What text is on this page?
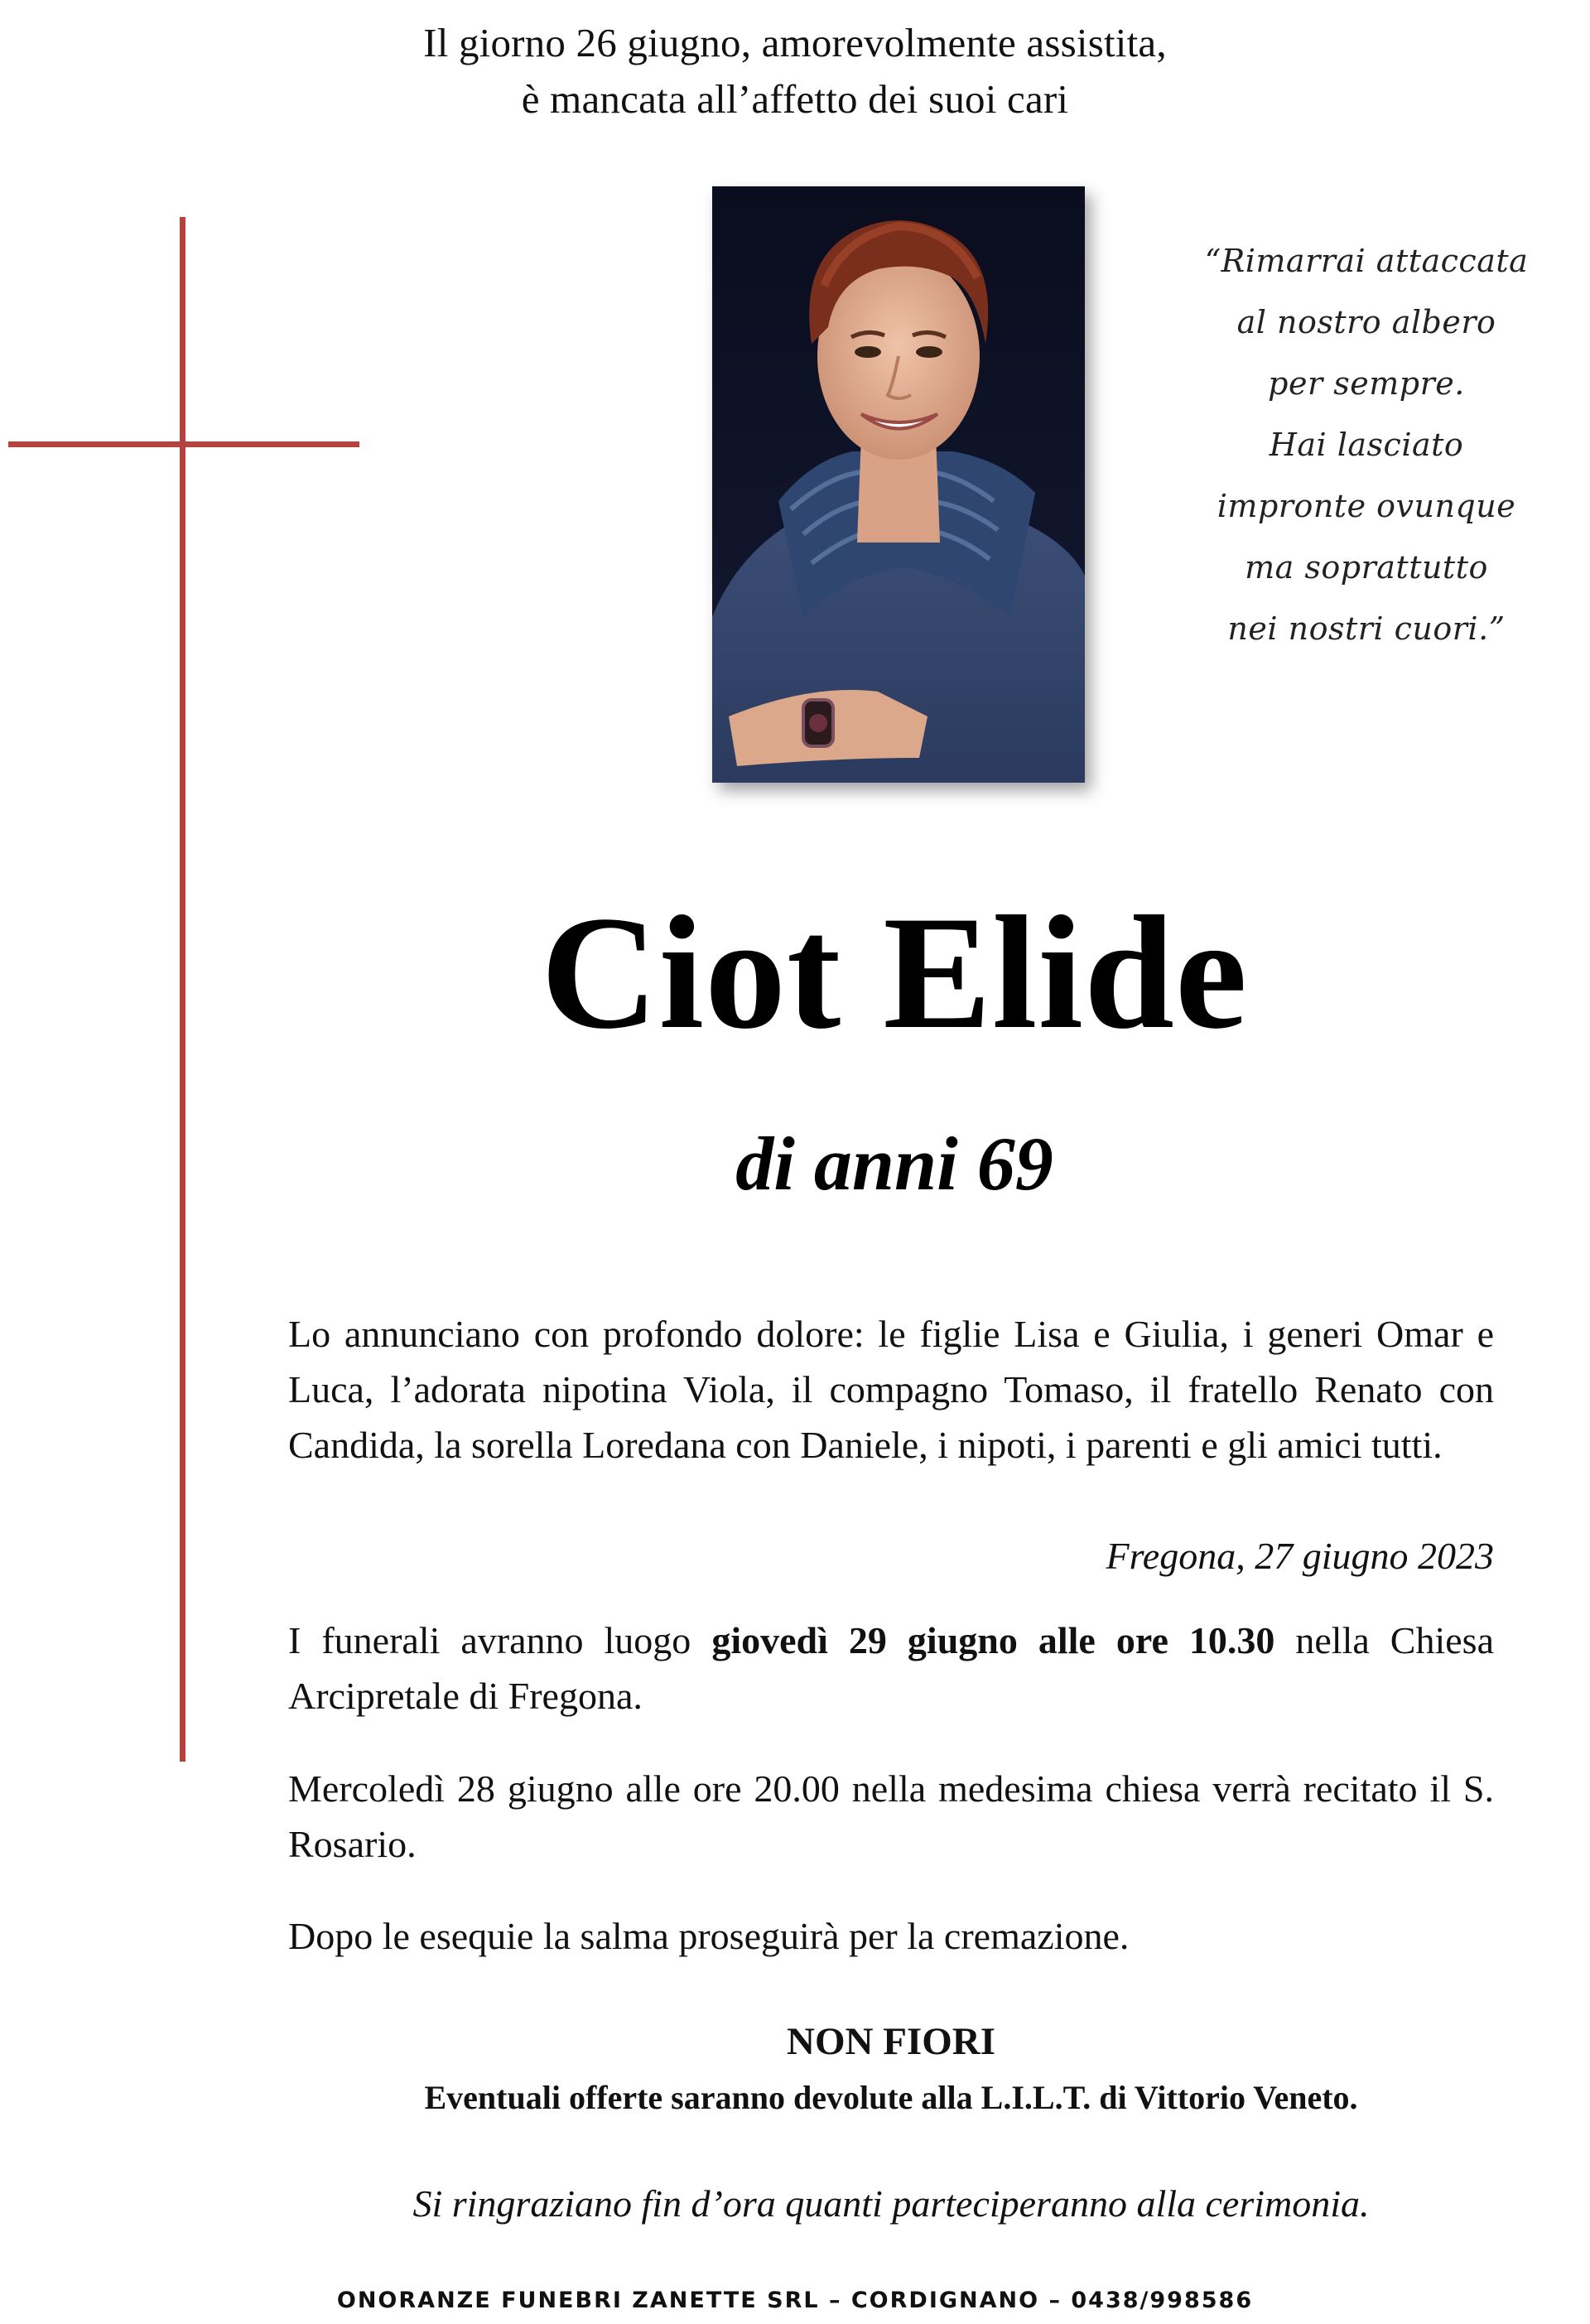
Il giorno 26 giugno, amorevolmente assistita,
è mancata all’affetto dei suoi cari
“Rimarrai attaccata
al nostro albero
per sempre.
Hai lasciato
impronte ovunque
ma soprattutto
nei nostri cuori.”
Ciot Elide
di anni 69
Lo annunciano con profondo dolore: le figlie Lisa e Giulia, i generi Omar e Luca, l’adorata nipotina Viola, il compagno Tomaso, il fratello Renato con Candida, la sorella Loredana con Daniele, i nipoti, i parenti e gli amici tutti.
Fregona, 27 giugno 2023
I funerali avranno luogo giovedì 29 giugno alle ore 10.30 nella Chiesa Arcipretale di Fregona.
Mercoledì 28 giugno alle ore 20.00 nella medesima chiesa verrà recitato il S. Rosario.
Dopo le esequie la salma proseguirà per la cremazione.
NON FIORI
Eventuali offerte saranno devolute alla L.I.L.T. di Vittorio Veneto.
Si ringraziano fin d’ora quanti parteciperanno alla cerimonia.
ONORANZE FUNEBRI ZANETTE SRL – CORDIGNANO – 0438/998586
